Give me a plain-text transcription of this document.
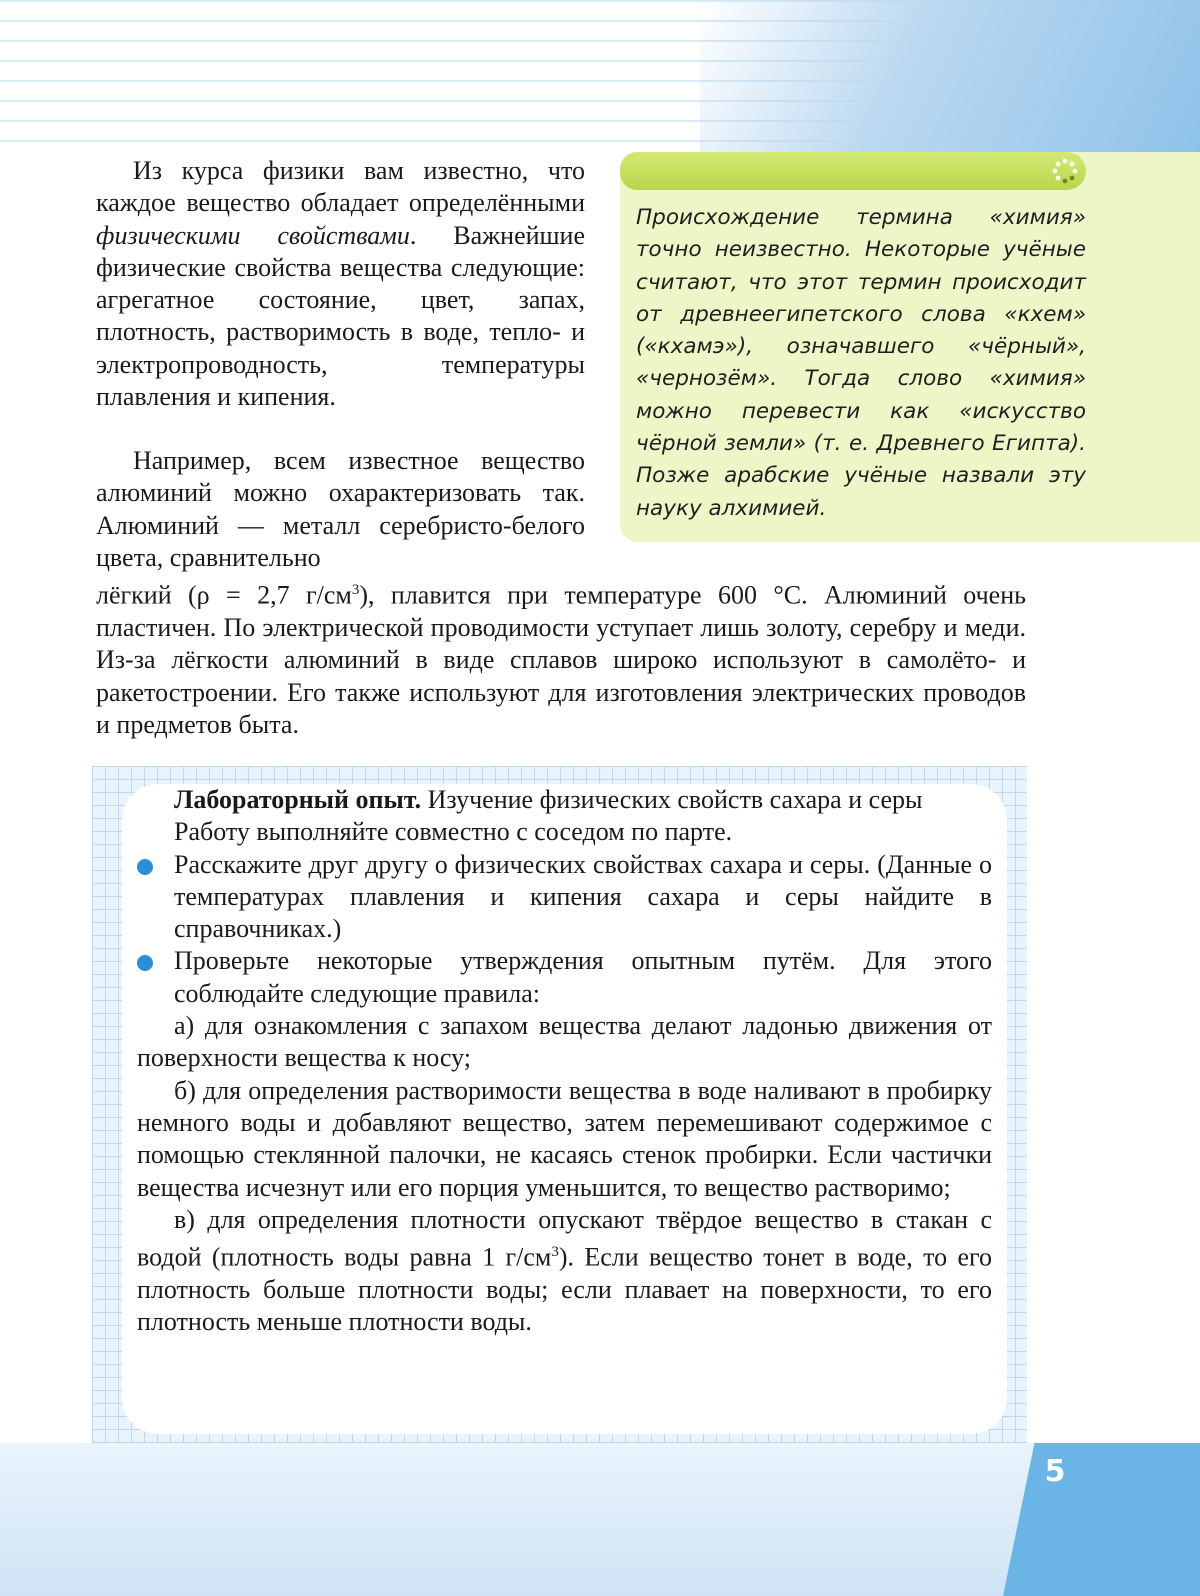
Из курса физики вам известно, что каждое вещество обладает определёнными физическими свойствами. Важнейшие физические свойства вещества следующие: агрегатное состояние, цвет, запах, плотность, растворимость в воде, тепло- и электропроводность, температуры плавления и кипения.

Например, всем известное вещество алюминий можно охарактеризовать так. Алюминий — металл серебристо-белого цвета, сравнительно

лёгкий (ρ = 2,7 $г/см^3$), плавится при температуре 600 °C. Алюминий очень пластичен. По электрической проводимости уступает лишь золоту, серебру и меди. Из-за лёгкости алюминий в виде сплавов широко используют в самолёто- и ракетостроении. Его также используют для изготовления электрических проводов и предметов быта.

Происхождение термина «химия» точно неизвестно. Некоторые учёные считают, что этот термин происходит от древнеегипетского слова «кхем» («кхамэ»), означавшего «чёрный», «чернозём». Тогда слово «химия» можно перевести как «искусство чёрной земли» (т. е. Древнего Египта). Позже арабские учёные назвали эту науку алхимией.

Лабораторный опыт. Изучение физических свойств сахара и серы

Работу выполняйте совместно с соседом по парте.

Расскажите друг другу о физических свойствах сахара и серы. (Данные о температурах плавления и кипения сахара и серы найдите в справочниках.)

Проверьте некоторые утверждения опытным путём. Для этого соблюдайте следующие правила:

а) для ознакомления с запахом вещества делают ладонью движения от поверхности вещества к носу;

б) для определения растворимости вещества в воде наливают в пробирку немного воды и добавляют вещество, затем перемешивают содержимое с помощью стеклянной палочки, не касаясь стенок пробирки. Если частички вещества исчезнут или его порция уменьшится, то вещество растворимо;

в) для определения плотности опускают твёрдое вещество в стакан с водой (плотность воды равна 1 $г/см^3$). Если вещество тонет в воде, то его плотность больше плотности воды; если плавает на поверхности, то его плотность меньше плотности воды.

5
